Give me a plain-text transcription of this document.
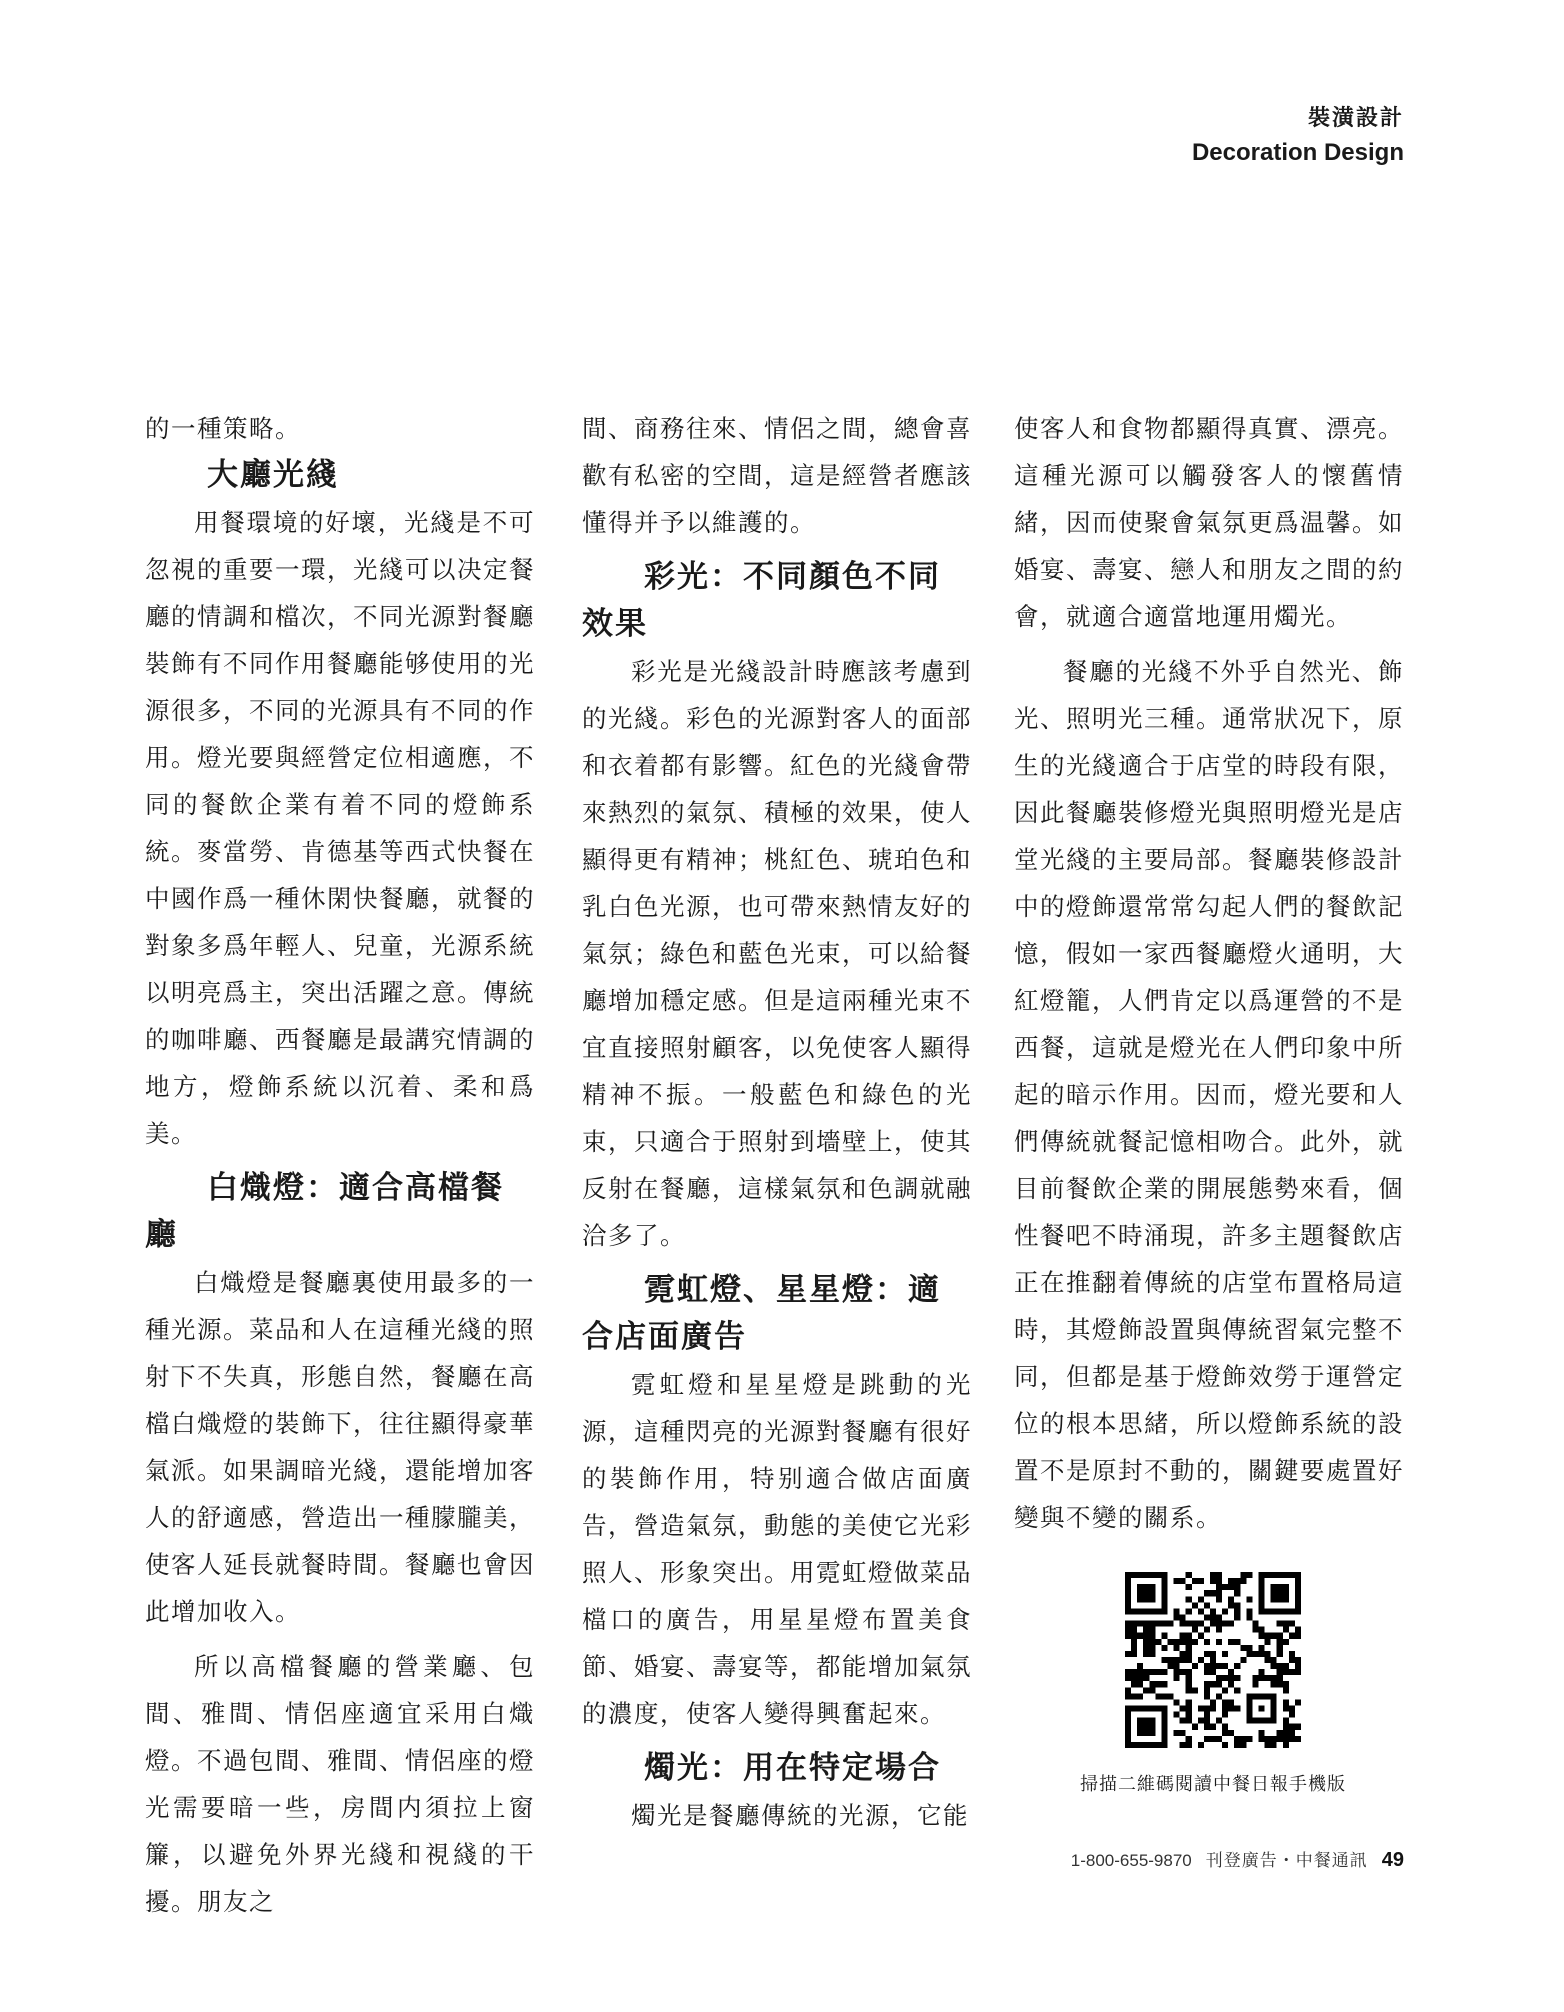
裝潢設計
Decoration Design

的一種策略。

大廳光綫

用餐環境的好壞，光綫是不可忽視的重要一環，光綫可以决定餐廳的情調和檔次，不同光源對餐廳裝飾有不同作用餐廳能够使用的光源很多，不同的光源具有不同的作用。燈光要與經營定位相適應，不同的餐飲企業有着不同的燈飾系統。麥當勞、肯德基等西式快餐在中國作爲一種休閑快餐廳，就餐的對象多爲年輕人、兒童，光源系統以明亮爲主，突出活躍之意。傳統的咖啡廳、西餐廳是最講究情調的地方，燈飾系統以沉着、柔和爲美。

白熾燈：適合高檔餐廳

白熾燈是餐廳裏使用最多的一種光源。菜品和人在這種光綫的照射下不失真，形態自然，餐廳在高檔白熾燈的裝飾下，往往顯得豪華氣派。如果調暗光綫，還能增加客人的舒適感，營造出一種朦朧美，使客人延長就餐時間。餐廳也會因此增加收入。

所以高檔餐廳的營業廳、包間、雅間、情侶座適宜采用白熾燈。不過包間、雅間、情侶座的燈光需要暗一些，房間内須拉上窗簾，以避免外界光綫和視綫的干擾。朋友之

間、商務往來、情侶之間，總會喜歡有私密的空間，這是經營者應該懂得并予以維護的。

彩光：不同顏色不同效果

彩光是光綫設計時應該考慮到的光綫。彩色的光源對客人的面部和衣着都有影響。紅色的光綫會帶來熱烈的氣氛、積極的效果，使人顯得更有精神；桃紅色、琥珀色和乳白色光源，也可帶來熱情友好的氣氛；綠色和藍色光束，可以給餐廳增加穩定感。但是這兩種光束不宜直接照射顧客，以免使客人顯得精神不振。一般藍色和綠色的光束，只適合于照射到墻壁上，使其反射在餐廳，這樣氣氛和色調就融洽多了。

霓虹燈、星星燈：適合店面廣告

霓虹燈和星星燈是跳動的光源，這種閃亮的光源對餐廳有很好的裝飾作用，特别適合做店面廣告，營造氣氛，動態的美使它光彩照人、形象突出。用霓虹燈做菜品檔口的廣告，用星星燈布置美食節、婚宴、壽宴等，都能增加氣氛的濃度，使客人變得興奮起來。

燭光：用在特定場合

燭光是餐廳傳統的光源，它能

使客人和食物都顯得真實、漂亮。這種光源可以觸發客人的懷舊情緒，因而使聚會氣氛更爲温馨。如婚宴、壽宴、戀人和朋友之間的約會，就適合適當地運用燭光。

餐廳的光綫不外乎自然光、飾光、照明光三種。通常狀况下，原生的光綫適合于店堂的時段有限，因此餐廳裝修燈光與照明燈光是店堂光綫的主要局部。餐廳裝修設計中的燈飾還常常勾起人們的餐飲記憶，假如一家西餐廳燈火通明，大紅燈籠，人們肯定以爲運營的不是西餐，這就是燈光在人們印象中所起的暗示作用。因而，燈光要和人們傳統就餐記憶相吻合。此外，就目前餐飲企業的開展態勢來看，個性餐吧不時涌現，許多主題餐飲店正在推翻着傳統的店堂布置格局這時，其燈飾設置與傳統習氣完整不同，但都是基于燈飾效勞于運營定位的根本思緒，所以燈飾系統的設置不是原封不動的，關鍵要處置好變與不變的關系。

掃描二維碼閱讀中餐日報手機版
1-800-655-9870 刊登廣告・中餐通訊 49
